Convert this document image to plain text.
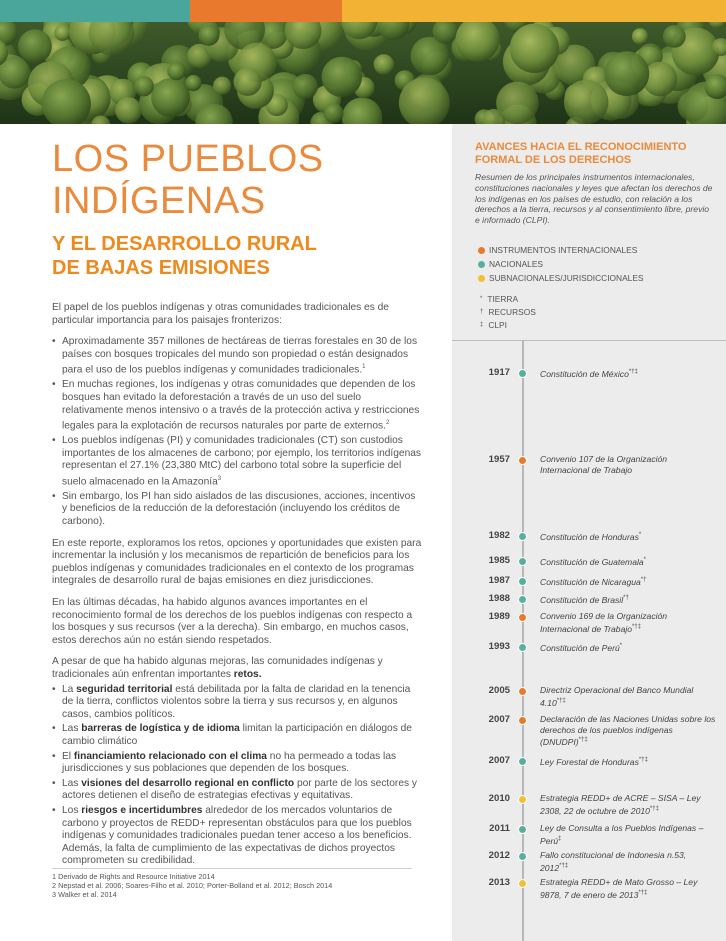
LOS PUEBLOS
INDÍGENAS
Y EL DESARROLLO RURAL
DE BAJAS EMISIONES

El papel de los pueblos indígenas y otras comunidades tradicionales es de particular importancia para los paisajes fronterizos:

• Aproximadamente 357 millones de hectáreas de tierras forestales en 30 de los países con bosques tropicales del mundo son propiedad o están designados para el uso de los pueblos indígenas y comunidades tradicionales.$^1$
• En muchas regiones, los indígenas y otras comunidades que dependen de los bosques han evitado la deforestación a través de un uso del suelo relativamente menos intensivo o a través de la protección activa y restricciones legales para la explotación de recursos naturales por parte de externos.$^2$
• Los pueblos indígenas (PI) y comunidades tradicionales (CT) son custodios importantes de los almacenes de carbono; por ejemplo, los territorios indígenas representan el 27.1% (23,380 MtC) del carbono total sobre la superficie del suelo almacenado en la Amazonía$^3$
• Sin embargo, los PI han sido aislados de las discusiones, acciones, incentivos y beneficios de la reducción de la deforestación (incluyendo los créditos de carbono).

En este reporte, exploramos los retos, opciones y oportunidades que existen para incrementar la inclusión y los mecanismos de repartición de beneficios para los pueblos indígenas y comunidades tradicionales en el contexto de los programas integrales de desarrollo rural de bajas emisiones en diez jurisdicciones.

En las últimas décadas, ha habido algunos avances importantes en el reconocimiento formal de los derechos de los pueblos indígenas con respecto a los bosques y sus recursos (ver a la derecha). Sin embargo, en muchos casos, estos derechos aún no están siendo respetados.

A pesar de que ha habido algunas mejoras, las comunidades indígenas y tradicionales aún enfrentan importantes retos.

• La seguridad territorial está debilitada por la falta de claridad en la tenencia de la tierra, conflictos violentos sobre la tierra y sus recursos y, en algunos casos, cambios políticos.
• Las barreras de logística y de idioma limitan la participación en diálogos de cambio climático
• El financiamiento relacionado con el clima no ha permeado a todas las jurisdicciones y sus poblaciones que dependen de los bosques.
• Las visiones del desarrollo regional en conflicto por parte de los sectores y actores detienen el diseño de estrategias efectivas y equitativas.
• Los riesgos e incertidumbres alrededor de los mercados voluntarios de carbono y proyectos de REDD+ representan obstáculos para que los pueblos indígenas y comunidades tradicionales puedan tener acceso a los beneficios. Además, la falta de cumplimiento de las expectativas de dichos proyectos comprometen su credibilidad.
1 Derivado de Rights and Resource Initiative 2014
2 Nepstad et al. 2006; Soares-Filho et al. 2010; Porter-Bolland et al. 2012; Bosch 2014
3 Walker et al. 2014
AVANCES HACIA EL RECONOCIMIENTO
FORMAL DE LOS DERECHOS
Resumen de los principales instrumentos internacionales, constituciones nacionales y leyes que afectan los derechos de los indígenas en los países de estudio, con relación a los derechos a la tierra, recursos y al consentimiento libre, previo e informado (CLPI).
INSTRUMENTOS INTERNACIONALES
NACIONALES
SUBNACIONALES/JURISDICCIONALES
* TIERRA
† RECURSOS
‡ CLPI
1917	Constitución de México*†‡
1957	Convenio 107 de la Organización Internacional de Trabajo
1982	Constitución de Honduras*
1985	Constitución de Guatemala*
1987	Constitución de Nicaragua*†
1988	Constitución de Brasil*†
1989	Convenio 169 de la Organización Internacional de Trabajo*†‡
1993	Constitución de Perú*
2005	Directriz Operacional del Banco Mundial 4.10*†‡
2007	Declaración de las Naciones Unidas sobre los derechos de los pueblos indígenas (DNUDPI)*†‡
2007	Ley Forestal de Honduras*†‡
2010	Estrategia REDD+ de ACRE – SISA – Ley 2308, 22 de octubre de 2010*†‡
2011	Ley de Consulta a los Pueblos Indígenas – Perú‡
2012	Fallo constitucional de Indonesia n.53, 2012*†‡
2013	Estrategia REDD+ de Mato Grosso – Ley 9878, 7 de enero de 2013*†‡
